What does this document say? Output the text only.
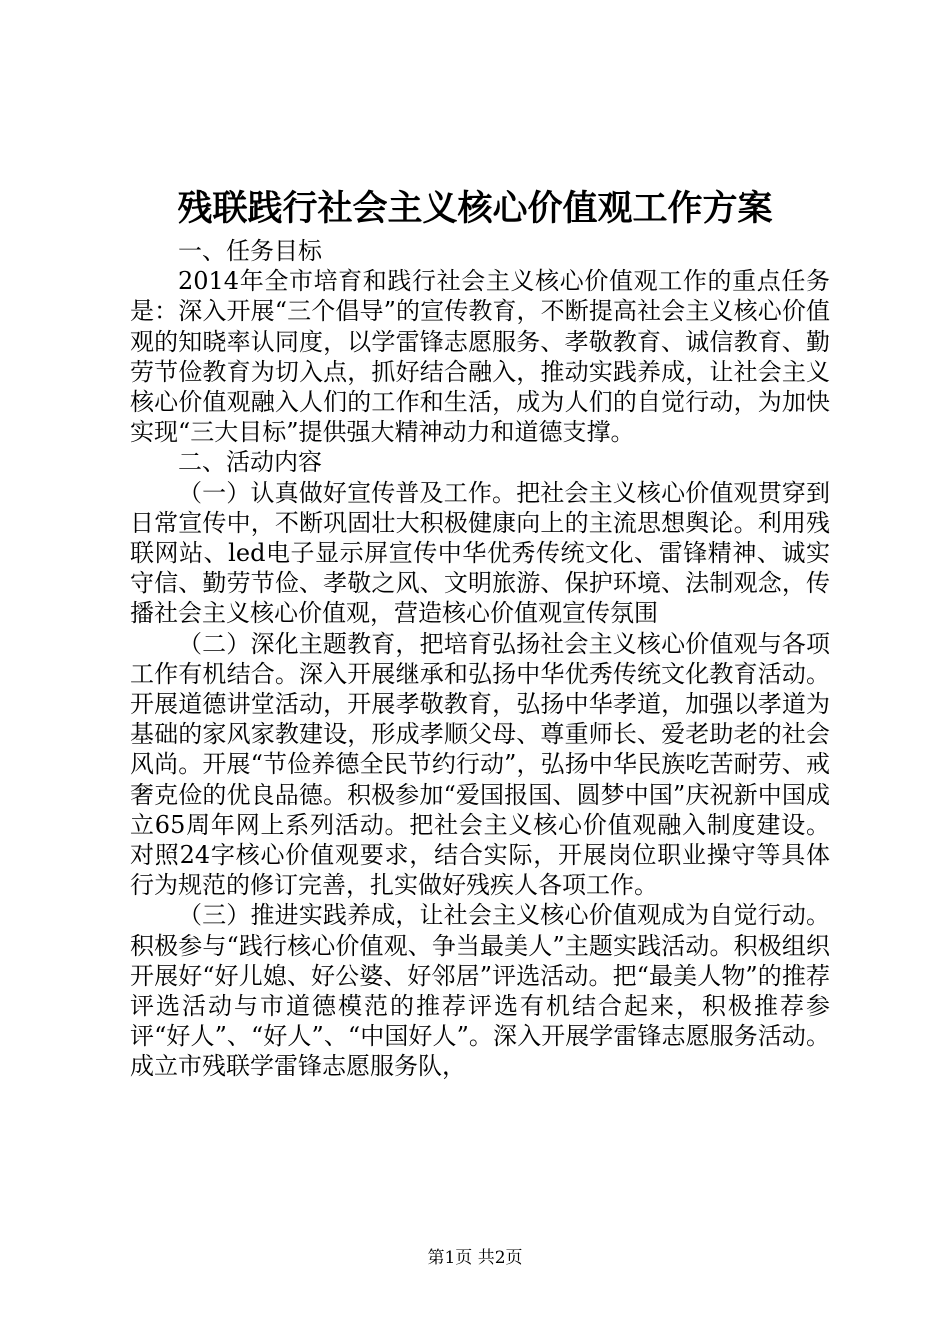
残联践行社会主义核心价值观工作方案

一、任务目标

2014年全市培育和践行社会主义核心价值观工作的重点任务是：深入开展“三个倡导”的宣传教育，不断提高社会主义核心价值观的知晓率认同度，以学雷锋志愿服务、孝敬教育、诚信教育、勤劳节俭教育为切入点，抓好结合融入，推动实践养成，让社会主义核心价值观融入人们的工作和生活，成为人们的自觉行动，为加快实现“三大目标”提供强大精神动力和道德支撑。

二、活动内容

（一）认真做好宣传普及工作。把社会主义核心价值观贯穿到日常宣传中，不断巩固壮大积极健康向上的主流思想舆论。利用残联网站、led电子显示屏宣传中华优秀传统文化、雷锋精神、诚实守信、勤劳节俭、孝敬之风、文明旅游、保护环境、法制观念，传播社会主义核心价值观，营造核心价值观宣传氛围

（二）深化主题教育，把培育弘扬社会主义核心价值观与各项工作有机结合。深入开展继承和弘扬中华优秀传统文化教育活动。开展道德讲堂活动，开展孝敬教育，弘扬中华孝道，加强以孝道为基础的家风家教建设，形成孝顺父母、尊重师长、爱老助老的社会风尚。开展“节俭养德全民节约行动”，弘扬中华民族吃苦耐劳、戒奢克俭的优良品德。积极参加“爱国报国、圆梦中国”庆祝新中国成立65周年网上系列活动。把社会主义核心价值观融入制度建设。对照24字核心价值观要求，结合实际，开展岗位职业操守等具体行为规范的修订完善，扎实做好残疾人各项工作。

（三）推进实践养成，让社会主义核心价值观成为自觉行动。积极参与“践行核心价值观、争当最美人”主题实践活动。积极组织开展好“好儿媳、好公婆、好邻居”评选活动。把“最美人物”的推荐评选活动与市道德模范的推荐评选有机结合起来，积极推荐参评“好人”、“好人”、“中国好人”。深入开展学雷锋志愿服务活动。成立市残联学雷锋志愿服务队，

第1页 共2页
